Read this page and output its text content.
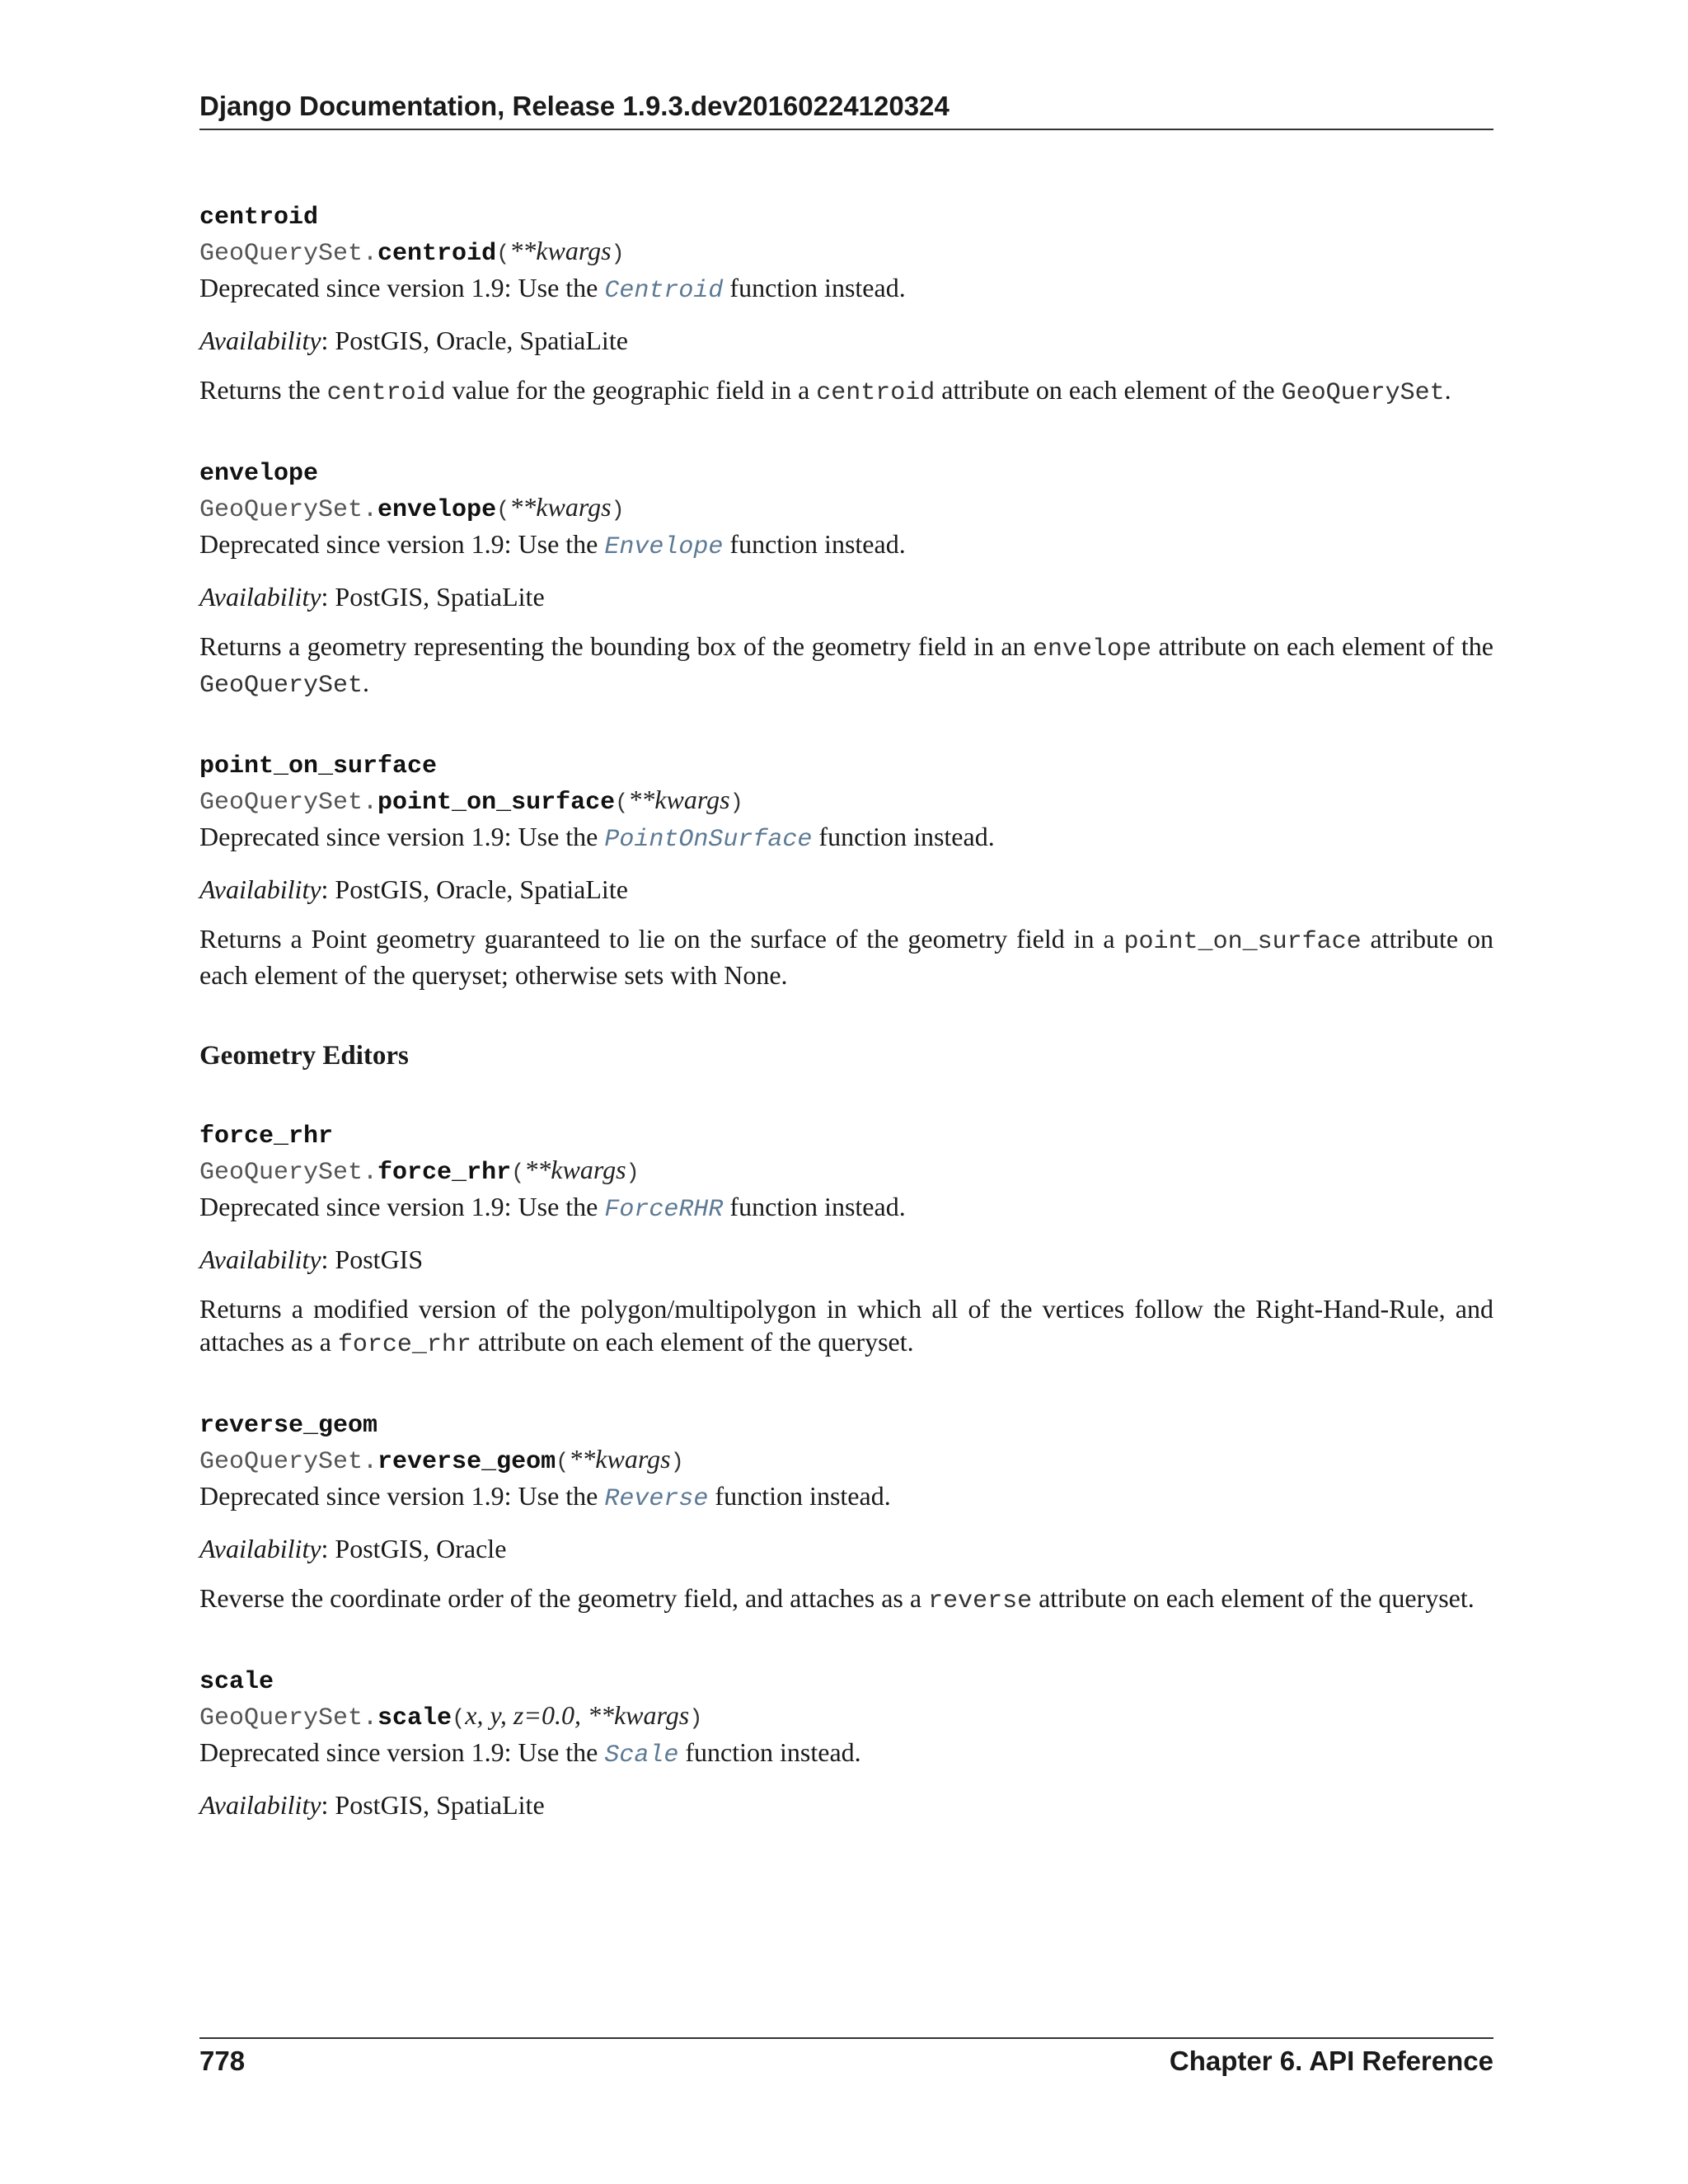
Django Documentation, Release 1.9.3.dev20160224120324
centroid
GeoQuerySet.centroid(**kwargs)

Deprecated since version 1.9: Use the Centroid function instead.

Availability: PostGIS, Oracle, SpatiaLite

Returns the centroid value for the geographic field in a centroid attribute on each element of the GeoQuerySet.

envelope
GeoQuerySet.envelope(**kwargs)

Deprecated since version 1.9: Use the Envelope function instead.

Availability: PostGIS, SpatiaLite

Returns a geometry representing the bounding box of the geometry field in an envelope attribute on each element of the GeoQuerySet.

point_on_surface
GeoQuerySet.point_on_surface(**kwargs)

Deprecated since version 1.9: Use the PointOnSurface function instead.

Availability: PostGIS, Oracle, SpatiaLite

Returns a Point geometry guaranteed to lie on the surface of the geometry field in a point_on_surface attribute on each element of the queryset; otherwise sets with None.

Geometry Editors
force_rhr
GeoQuerySet.force_rhr(**kwargs)

Deprecated since version 1.9: Use the ForceRHR function instead.

Availability: PostGIS

Returns a modified version of the polygon/multipolygon in which all of the vertices follow the Right-Hand-Rule, and attaches as a force_rhr attribute on each element of the queryset.

reverse_geom
GeoQuerySet.reverse_geom(**kwargs)

Deprecated since version 1.9: Use the Reverse function instead.

Availability: PostGIS, Oracle

Reverse the coordinate order of the geometry field, and attaches as a reverse attribute on each element of the queryset.

scale
GeoQuerySet.scale(x, y, z=0.0, **kwargs)

Deprecated since version 1.9: Use the Scale function instead.

Availability: PostGIS, SpatiaLite

778	Chapter 6. API Reference
